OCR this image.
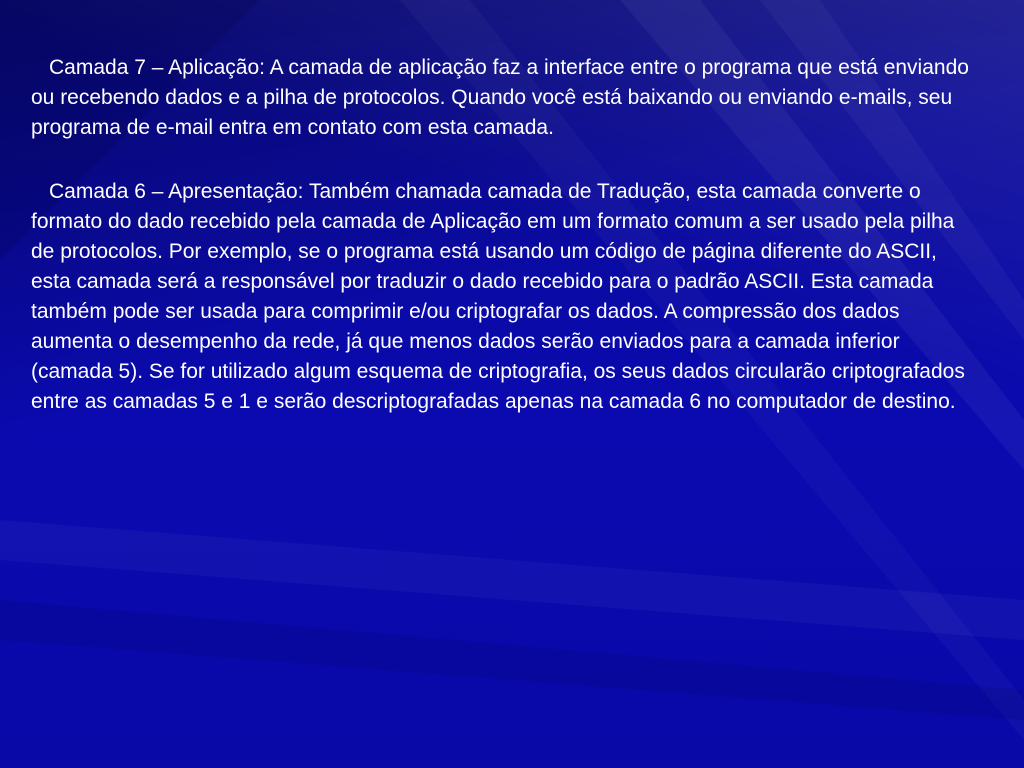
Camada 7 – Aplicação: A camada de aplicação faz a interface entre o programa que está enviando ou recebendo dados e a pilha de protocolos. Quando você está baixando ou enviando e-mails, seu programa de e-mail entra em contato com esta camada.

Camada 6 – Apresentação: Também chamada camada de Tradução, esta camada converte o formato do dado recebido pela camada de Aplicação em um formato comum a ser usado pela pilha de protocolos. Por exemplo, se o programa está usando um código de página diferente do ASCII, esta camada será a responsável por traduzir o dado recebido para o padrão ASCII. Esta camada também pode ser usada para comprimir e/ou criptografar os dados. A compressão dos dados aumenta o desempenho da rede, já que menos dados serão enviados para a camada inferior (camada 5). Se for utilizado algum esquema de criptografia, os seus dados circularão criptografados entre as camadas 5 e 1 e serão descriptografadas apenas na camada 6 no computador de destino.
